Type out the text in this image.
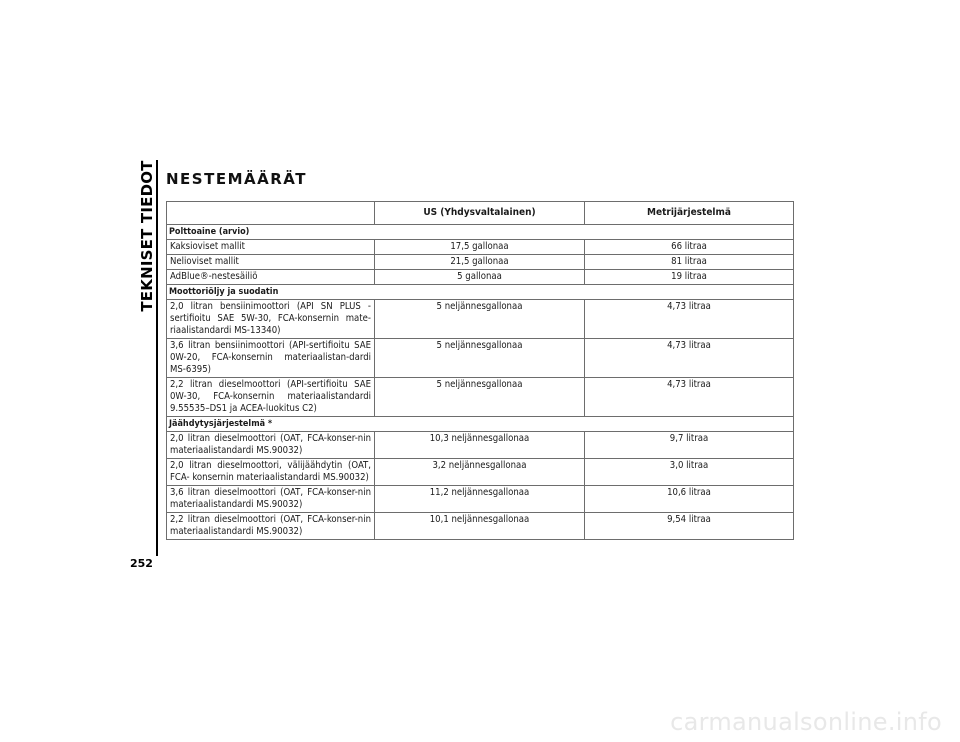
TEKNISET TIEDOT
252
NESTEMÄÄRÄT
	US (Yhdysvaltalainen)	Metrijärjestelmä
Polttoaine (arvio)		
Kaksioviset mallit	17,5 gallonaa	66 litraa
Nelioviset mallit	21,5 gallonaa	81 litraa
AdBlue®-nestesäiliö	5 gallonaa	19 litraa
Moottoriöljy ja suodatin		
2,0 litran bensiinimoottori (API SN PLUS -sertifioitu SAE 5W-30, FCA-konsernin mate-riaalistandardi MS-13340)	5 neljännesgallonaa	4,73 litraa
3,6 litran bensiinimoottori (API-sertifioitu SAE 0W-20, FCA-konsernin materiaalistan-dardi MS-6395)	5 neljännesgallonaa	4,73 litraa
2,2 litran dieselmoottori (API-sertifioitu SAE 0W-30, FCA-konsernin materiaalistandardi 9.55535–DS1 ja ACEA-luokitus C2)	5 neljännesgallonaa	4,73 litraa
Jäähdytysjärjestelmä *		
2,0 litran dieselmoottori (OAT, FCA-konser-nin materiaalistandardi MS.90032)	10,3 neljännesgallonaa	9,7 litraa
2,0 litran dieselmoottori, välijäähdytin (OAT, FCA- konsernin materiaalistandardi MS.90032)	3,2 neljännesgallonaa	3,0 litraa
3,6 litran dieselmoottori (OAT, FCA-konser-nin materiaalistandardi MS.90032)	11,2 neljännesgallonaa	10,6 litraa
2,2 litran dieselmoottori (OAT, FCA-konser-nin materiaalistandardi MS.90032)	10,1 neljännesgallonaa	9,54 litraa
carmanualsonline.info
